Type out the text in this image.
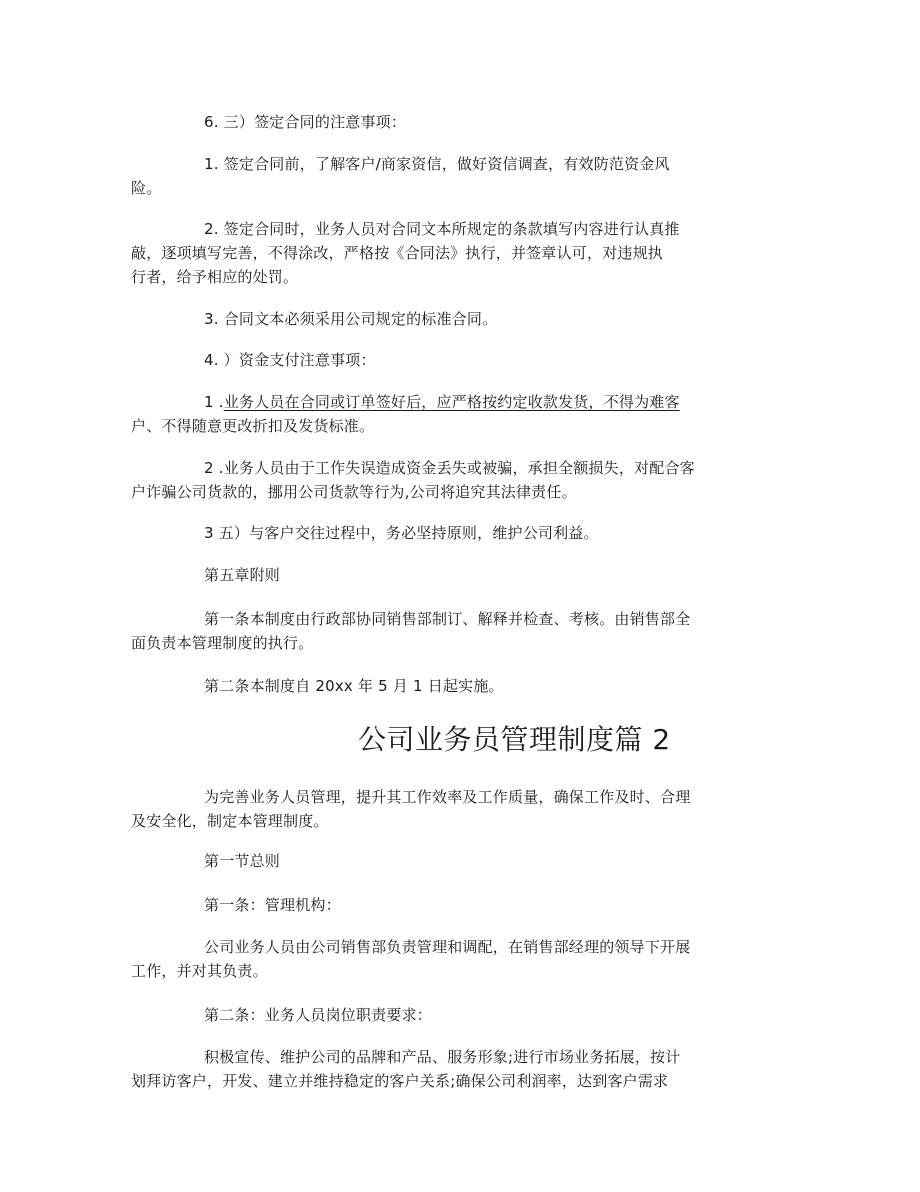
6. 三）签定合同的注意事项：

1. 签定合同前，了解客户/商家资信，做好资信调查，有效防范资金风

险。

2. 签定合同时，业务人员对合同文本所规定的条款填写内容进行认真推

敲，逐项填写完善，不得涂改，严格按《合同法》执行，并签章认可，对违规执

行者，给予相应的处罚。

3. 合同文本必须采用公司规定的标准合同。

4. ）资金支付注意事项：

1 .业务人员在合同或订单签好后，应严格按约定收款发货，不得为难客

户、不得随意更改折扣及发货标准。

2 .业务人员由于工作失误造成资金丢失或被骗，承担全额损失，对配合客

户诈骗公司货款的，挪用公司货款等行为,公司将追究其法律责任。

3 五）与客户交往过程中，务必坚持原则，维护公司利益。

第五章附则

第一条本制度由行政部协同销售部制订、解释并检查、考核。由销售部全

面负责本管理制度的执行。

第二条本制度自 20xx 年 5 月 1 日起实施。

公司业务员管理制度篇 2

为完善业务人员管理，提升其工作效率及工作质量，确保工作及时、合理

及安全化，制定本管理制度。

第一节总则

第一条：管理机构：

公司业务人员由公司销售部负责管理和调配，在销售部经理的领导下开展

工作，并对其负责。

第二条：业务人员岗位职责要求：

积极宣传、维护公司的品牌和产品、服务形象;进行市场业务拓展，按计

划拜访客户，开发、建立并维持稳定的客户关系;确保公司利润率，达到客户需求
